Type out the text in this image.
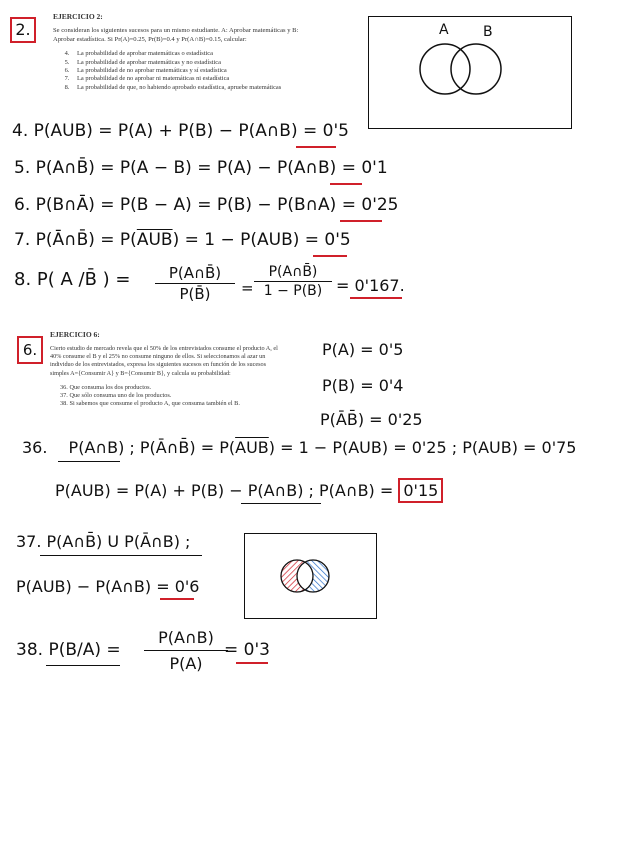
2.
EJERCICIO 2:

Se consideran los siguientes sucesos para un mismo estudiante. A: Aprobar matemáticas y B: Aprobar estadística. Si Pr(A)=0.25, Pr(B)=0.4 y Pr(A∩B)=0.15, calcular:

4. La probabilidad de aprobar matemáticas o estadística
5. La probabilidad de aprobar matemáticas y no estadística
6. La probabilidad de no aprobar matemáticas y sí estadística
7. La probabilidad de no aprobar ni matemáticas ni estadística
8. La probabilidad de que, no habiendo aprobado estadística, apruebe matemáticas
A B
4. P(AUB) = P(A) + P(B) − P(A∩B) = 0'5
5. P(A∩B̄) = P(A − B) = P(A) − P(A∩B) = 0'1
6. P(B∩Ā) = P(B − A) = P(B) − P(B∩A) = 0'25
7. P(Ā∩B̄) = $P(\overline{AUB}) = 1 - P(AUB) = 0'5$
8. P( A /B̄ ) =	P(A∩B̄)
P(B̄)	=
P(A∩B̄)
1 − P(B) = 0'167.
6.
EJERCICIO 6:

Cierto estudio de mercado revela que el 50% de los entrevistados consume el producto A, el 40% consume el B y el 25% no consume ninguno de ellos. Si seleccionamos al azar un individuo de los entrevistados, expresa los siguientes sucesos en función de los sucesos simples A={Consumir A} y B={Consumir B}, y calcula su probabilidad:

36. Que consuma los dos productos.
37. Que sólo consuma uno de los productos.
38. Si sabemos que consume el producto A, que consuma también el B.
P(A) = 0'5
P(B) = 0'4
P(ĀB̄) = 0'25
36. P(A∩B) ; P(Ā∩B̄) = $P(\overline{AUB}) = 1 - P(AUB) = 0'25$ ; P(AUB) = 0'75
P(AUB) = P(A) + P(B) − P(A∩B) ; P(A∩B) = 0'15
37. P(A∩B̄) U P(Ā∩B) ;
P(AUB) − P(A∩B) = 0'6
38. P(B/A) =
P(A∩B)
P(A)
= 0'3
